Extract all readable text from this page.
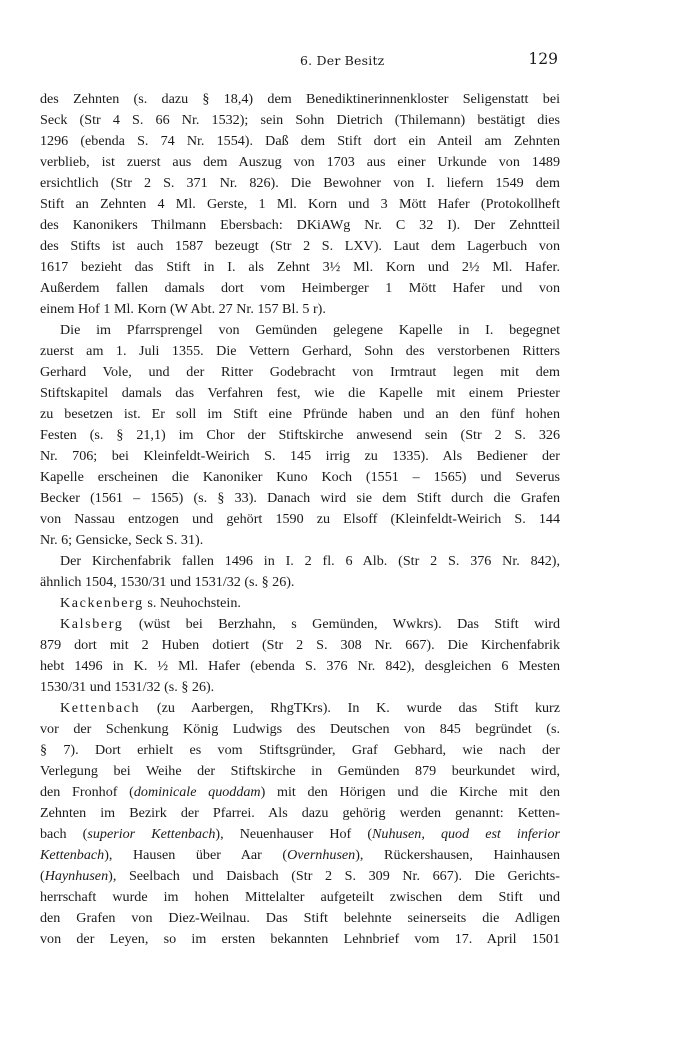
6. Der Besitz	129
des Zehnten (s. dazu § 18,4) dem Benediktinerinnenkloster Seligenstatt bei
Seck (Str 4 S. 66 Nr. 1532); sein Sohn Dietrich (Thilemann) bestätigt dies
1296 (ebenda S. 74 Nr. 1554). Daß dem Stift dort ein Anteil am Zehnten
verblieb, ist zuerst aus dem Auszug von 1703 aus einer Urkunde von 1489
ersichtlich (Str 2 S. 371 Nr. 826). Die Bewohner von I. liefern 1549 dem
Stift an Zehnten 4 Ml. Gerste, 1 Ml. Korn und 3 Mött Hafer (Protokollheft
des Kanonikers Thilmann Ebersbach: DKiAWg Nr. C 32 I). Der Zehntteil
des Stifts ist auch 1587 bezeugt (Str 2 S. LXV). Laut dem Lagerbuch von
1617 bezieht das Stift in I. als Zehnt 3½ Ml. Korn und 2½ Ml. Hafer.
Außerdem fallen damals dort vom Heimberger 1 Mött Hafer und von
einem Hof 1 Ml. Korn (W Abt. 27 Nr. 157 Bl. 5 r).
Die im Pfarrsprengel von Gemünden gelegene Kapelle in I. begegnet
zuerst am 1. Juli 1355. Die Vettern Gerhard, Sohn des verstorbenen Ritters
Gerhard Vole, und der Ritter Godebracht von Irmtraut legen mit dem
Stiftskapitel damals das Verfahren fest, wie die Kapelle mit einem Priester
zu besetzen ist. Er soll im Stift eine Pfründe haben und an den fünf hohen
Festen (s. § 21,1) im Chor der Stiftskirche anwesend sein (Str 2 S. 326
Nr. 706; bei Kleinfeldt-Weirich S. 145 irrig zu 1335). Als Bediener der
Kapelle erscheinen die Kanoniker Kuno Koch (1551 – 1565) und Severus
Becker (1561 – 1565) (s. § 33). Danach wird sie dem Stift durch die Grafen
von Nassau entzogen und gehört 1590 zu Elsoff (Kleinfeldt-Weirich S. 144
Nr. 6; Gensicke, Seck S. 31).
Der Kirchenfabrik fallen 1496 in I. 2 fl. 6 Alb. (Str 2 S. 376 Nr. 842),
ähnlich 1504, 1530/31 und 1531/32 (s. § 26).
Kackenberg s. Neuhochstein.
Kalsberg (wüst bei Berzhahn, s Gemünden, Wwkrs). Das Stift wird
879 dort mit 2 Huben dotiert (Str 2 S. 308 Nr. 667). Die Kirchenfabrik
hebt 1496 in K. ½ Ml. Hafer (ebenda S. 376 Nr. 842), desgleichen 6 Mesten
1530/31 und 1531/32 (s. § 26).
Kettenbach (zu Aarbergen, RhgTKrs). In K. wurde das Stift kurz
vor der Schenkung König Ludwigs des Deutschen von 845 begründet (s.
§ 7). Dort erhielt es vom Stiftsgründer, Graf Gebhard, wie nach der
Verlegung bei Weihe der Stiftskirche in Gemünden 879 beurkundet wird,
den Fronhof (dominicale quoddam) mit den Hörigen und die Kirche mit den
Zehnten im Bezirk der Pfarrei. Als dazu gehörig werden genannt: Ketten-
bach (superior Kettenbach), Neuenhauser Hof (Nuhusen, quod est inferior
Kettenbach), Hausen über Aar (Overnhusen), Rückershausen, Hainhausen
(Haynhusen), Seelbach und Daisbach (Str 2 S. 309 Nr. 667). Die Gerichts-
herrschaft wurde im hohen Mittelalter aufgeteilt zwischen dem Stift und
den Grafen von Diez-Weilnau. Das Stift belehnte seinerseits die Adligen
von der Leyen, so im ersten bekannten Lehnbrief vom 17. April 1501
